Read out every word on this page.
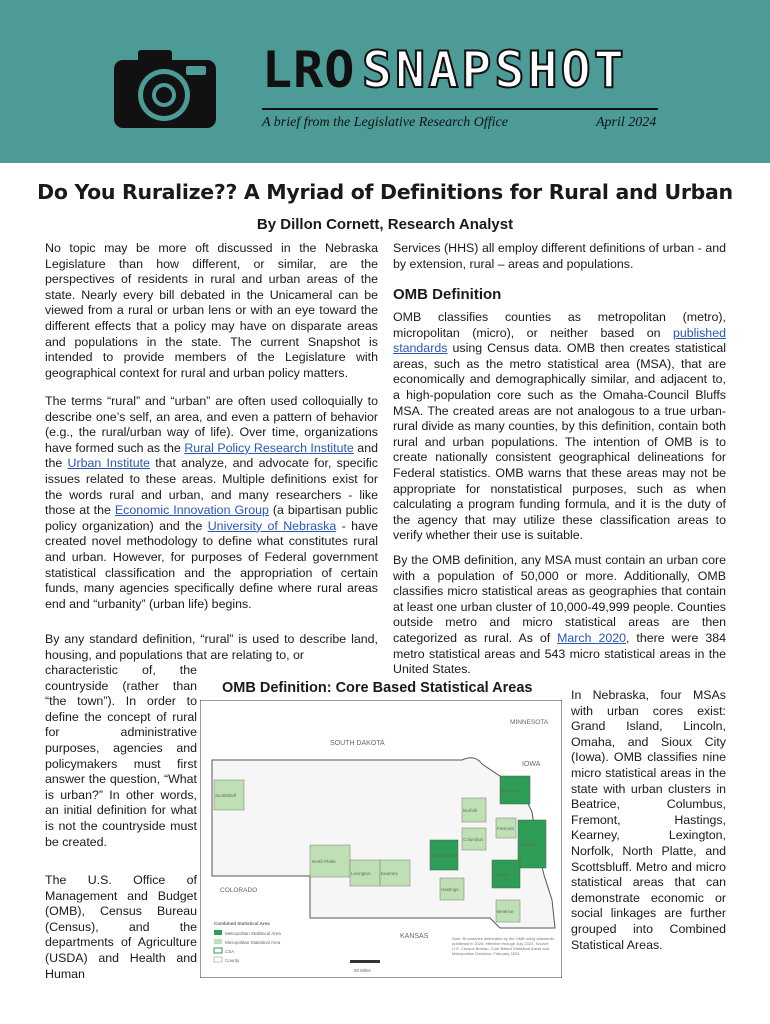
LRO SNAPSHOT
A brief from the Legislative Research Office	April 2024
Do You Ruralize?? A Myriad of Definitions for Rural and Urban
By Dillon Cornett, Research Analyst

No topic may be more oft discussed in the Nebraska Legislature than how different, or similar, are the perspectives of residents in rural and urban areas of the state. Nearly every bill debated in the Unicameral can be viewed from a rural or urban lens or with an eye toward the different effects that a policy may have on disparate areas and populations in the state. The current Snapshot is intended to provide members of the Legislature with geographical context for rural and urban policy matters.

The terms “rural” and “urban” are often used colloquially to describe one’s self, an area, and even a pattern of behavior (e.g., the rural/urban way of life). Over time, organizations have formed such as the Rural Policy Research Institute and the Urban Institute that analyze, and advocate for, specific issues related to these areas. Multiple definitions exist for the words rural and urban, and many researchers - like those at the Economic Innovation Group (a bipartisan public policy organization) and the University of Nebraska - have created novel methodology to define what constitutes rural and urban. However, for purposes of Federal government statistical classification and the appropriation of certain funds, many agencies specifically define where rural areas end and “urbanity” (urban life) begins.

By any standard definition, “rural” is used to describe land, housing, and populations that are relating to, or

characteristic of, the countryside (rather than “the town”). In order to define the concept of rural for administrative purposes, agencies and policymakers must first answer the question, “What is urban?” In other words, an initial definition for what is not the countryside must be created.

The U.S. Office of Management and Budget (OMB), Census Bureau (Census), and the departments of Agriculture (USDA) and Health and Human

Services (HHS) all employ different definitions of urban - and by extension, rural – areas and populations.

OMB Definition

OMB classifies counties as metropolitan (metro), micropolitan (micro), or neither based on published standards using Census data. OMB then creates statistical areas, such as the metro statistical area (MSA), that are economically and demographically similar, and adjacent to, a high-population core such as the Omaha-Council Bluffs MSA. The created areas are not analogous to a true urban-rural divide as many counties, by this definition, contain both rural and urban populations. The intention of OMB is to create nationally consistent geographical delineations for Federal statistics. OMB warns that these areas may not be appropriate for nonstatistical purposes, such as when calculating a program funding formula, and it is the duty of the agency that may utilize these classification areas to verify whether their use is suitable.

By the OMB definition, any MSA must contain an urban core with a population of 50,000 or more. Additionally, OMB classifies micro statistical areas as geographies that contain at least one urban cluster of 10,000-49,999 people. Counties outside metro and micro statistical areas are then categorized as rural. As of March 2020, there were 384 metro statistical areas and 543 micro statistical areas in the United States.

In Nebraska, four MSAs with urban cores exist: Grand Island, Lincoln, Omaha, and Sioux City (Iowa). OMB classifies nine micro statistical areas in the state with urban clusters in Beatrice, Columbus, Fremont, Hastings, Kearney, Lexington, Norfolk, North Platte, and Scottsbluff. Metro and micro statistical areas that can demonstrate economic or social linkages are further grouped into Combined Statistical Areas.

OMB Definition: Core Based Statistical Areas
SOUTH DAKOTA
MINNESOTA
IOWA
COLORADO
KANSAS
Sioux City
Omaha
Lincoln
Grand Island
Kearney
North Platte
Scottsbluff
Hastings
Lexington
Beatrice
Norfolk
Columbus
Fremont
Combined Statistical Area
Metropolitan Statistical Area
Micropolitan Statistical Area
CSA
County
50 Miles
Note: Boundaries delineated by the OMB using standards published in 2020, effective through July 2023. Source: U.S. Census Bureau, Core Based Statistical Areas and Metropolitan Divisions, February 2023.
